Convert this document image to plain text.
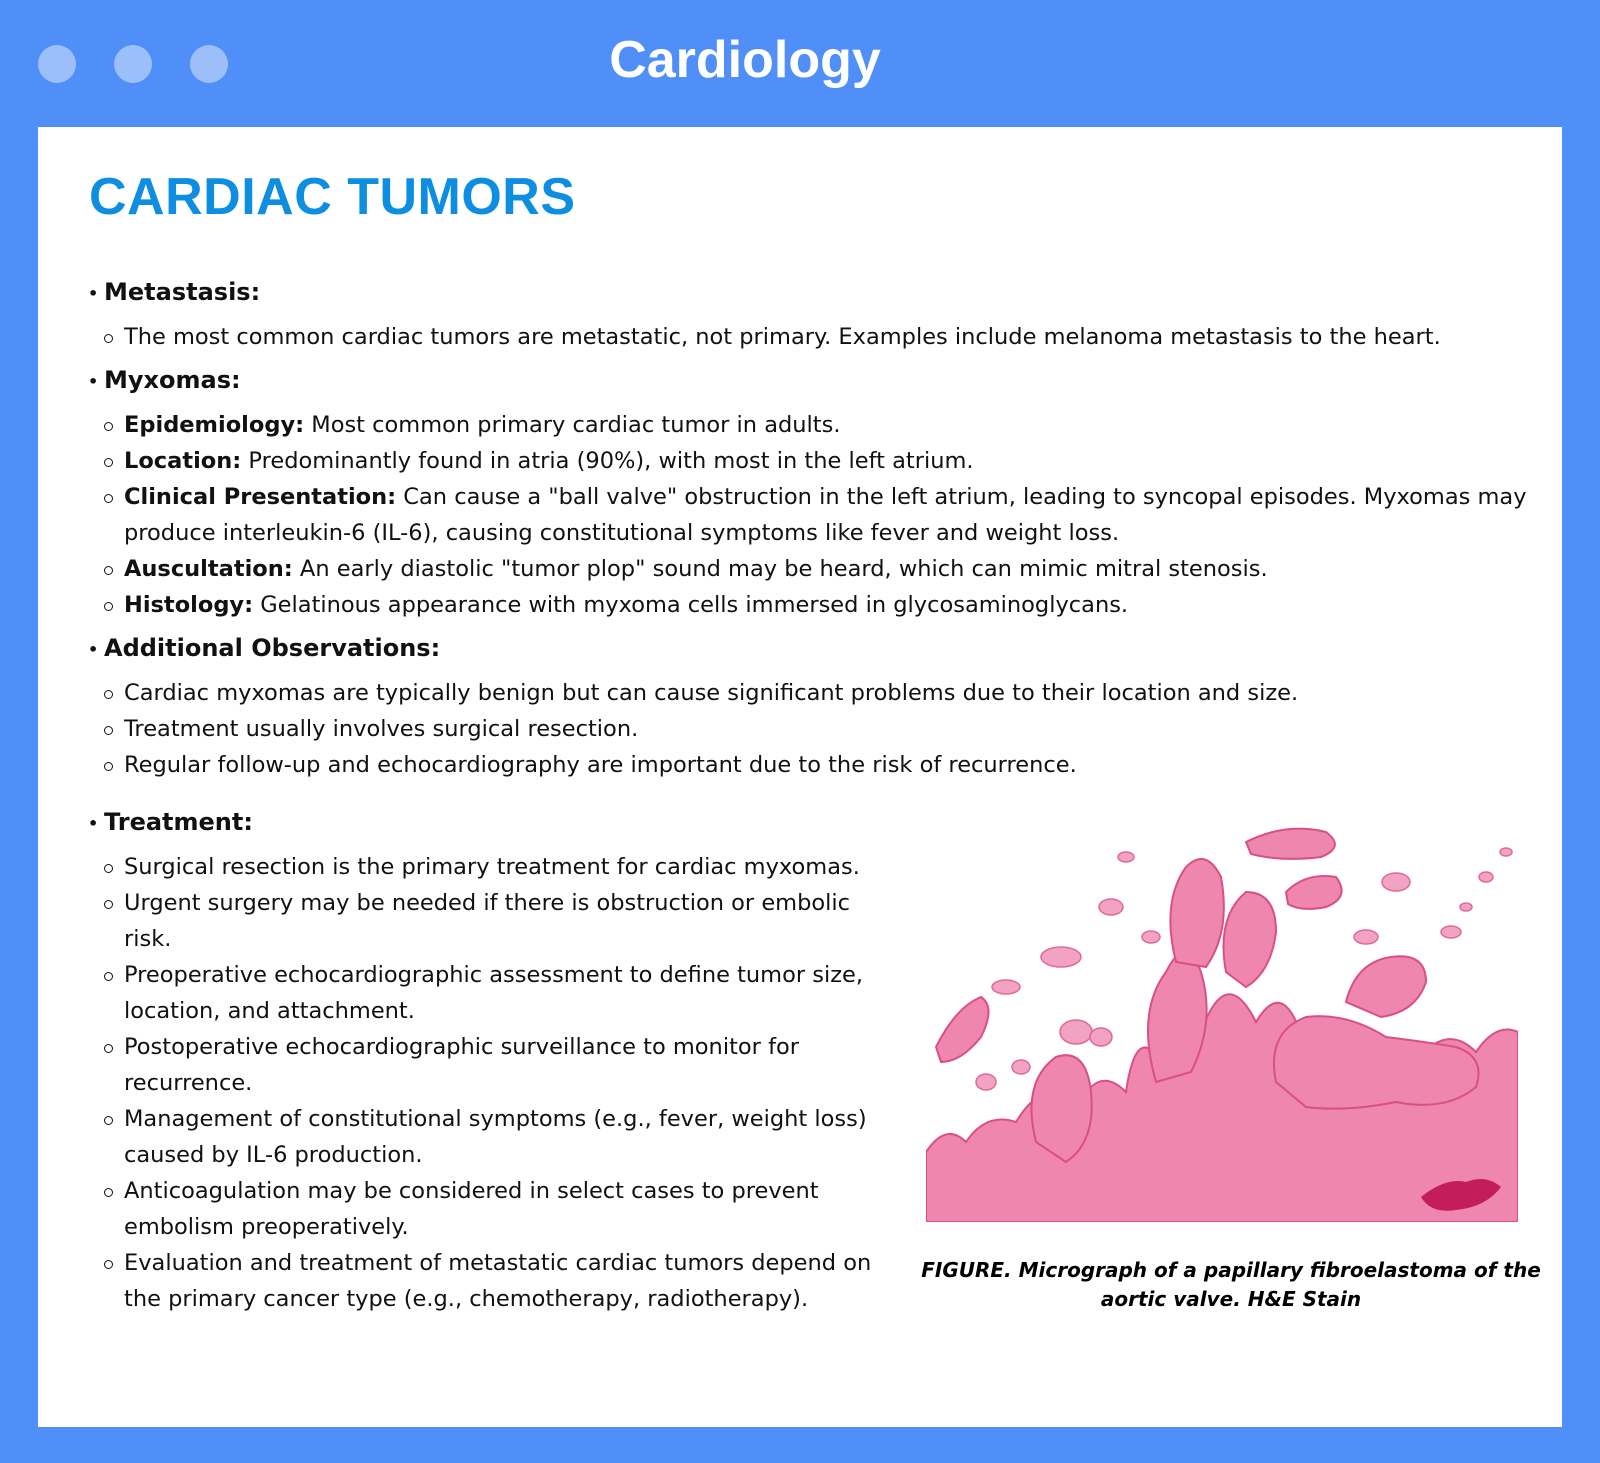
Cardiology
CARDIAC TUMORS
• Metastasis:
The most common cardiac tumors are metastatic, not primary. Examples include melanoma metastasis to the heart.
• Myxomas:
Epidemiology: Most common primary cardiac tumor in adults.
Location: Predominantly found in atria (90%), with most in the left atrium.
Clinical Presentation: Can cause a "ball valve" obstruction in the left atrium, leading to syncopal episodes. Myxomas may produce interleukin-6 (IL-6), causing constitutional symptoms like fever and weight loss.
Auscultation: An early diastolic "tumor plop" sound may be heard, which can mimic mitral stenosis.
Histology: Gelatinous appearance with myxoma cells immersed in glycosaminoglycans.
• Additional Observations:
Cardiac myxomas are typically benign but can cause significant problems due to their location and size.
Treatment usually involves surgical resection.
Regular follow-up and echocardiography are important due to the risk of recurrence.
• Treatment:
Surgical resection is the primary treatment for cardiac myxomas.
Urgent surgery may be needed if there is obstruction or embolic risk.
Preoperative echocardiographic assessment to define tumor size, location, and attachment.
Postoperative echocardiographic surveillance to monitor for recurrence.
Management of constitutional symptoms (e.g., fever, weight loss) caused by IL-6 production.
Anticoagulation may be considered in select cases to prevent embolism preoperatively.
Evaluation and treatment of metastatic cardiac tumors depend on the primary cancer type (e.g., chemotherapy, radiotherapy).
FIGURE. Micrograph of a papillary fibroelastoma of the aortic valve. H&E Stain
